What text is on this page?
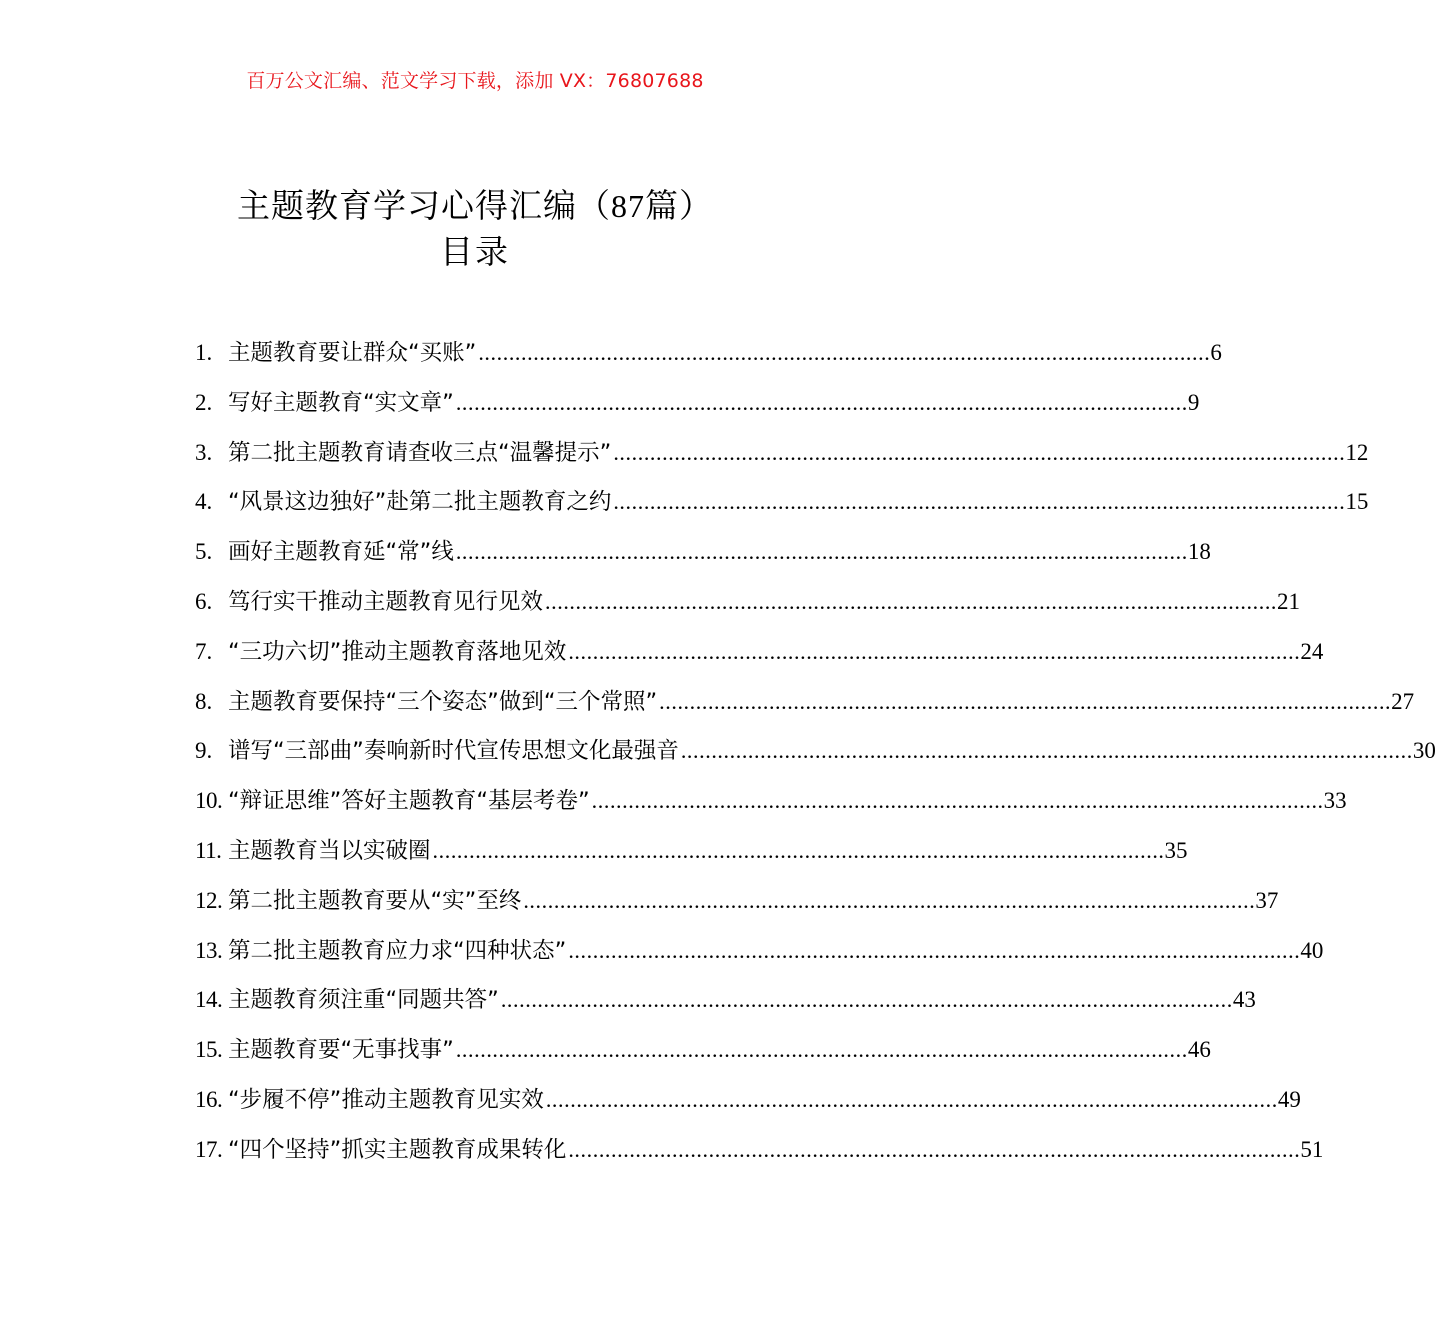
百万公文汇编、范文学习下载，添加 VX：76807688
主题教育学习心得汇编（87篇）
目录
1. 主题教育要让群众“买账” ........................................................................................................................ 6
2. 写好主题教育“实文章” ........................................................................................................................ 9
3. 第二批主题教育请查收三点“温馨提示” ........................................................................................................................ 12
4. “风景这边独好”赴第二批主题教育之约 ........................................................................................................................ 15
5. 画好主题教育延“常”线 ........................................................................................................................ 18
6. 笃行实干推动主题教育见行见效 ........................................................................................................................ 21
7. “三功六切”推动主题教育落地见效 ........................................................................................................................ 24
8. 主题教育要保持“三个姿态”做到“三个常照” ........................................................................................................................ 27
9. 谱写“三部曲”奏响新时代宣传思想文化最强音 ........................................................................................................................ 30
10. “辩证思维”答好主题教育“基层考卷” ........................................................................................................................ 33
11. 主题教育当以实破圈 ........................................................................................................................ 35
12. 第二批主题教育要从“实”至终 ........................................................................................................................ 37
13. 第二批主题教育应力求“四种状态” ........................................................................................................................ 40
14. 主题教育须注重“同题共答” ........................................................................................................................ 43
15. 主题教育要“无事找事” ........................................................................................................................ 46
16. “步履不停”推动主题教育见实效 ........................................................................................................................ 49
17. “四个坚持”抓实主题教育成果转化 ........................................................................................................................ 51
